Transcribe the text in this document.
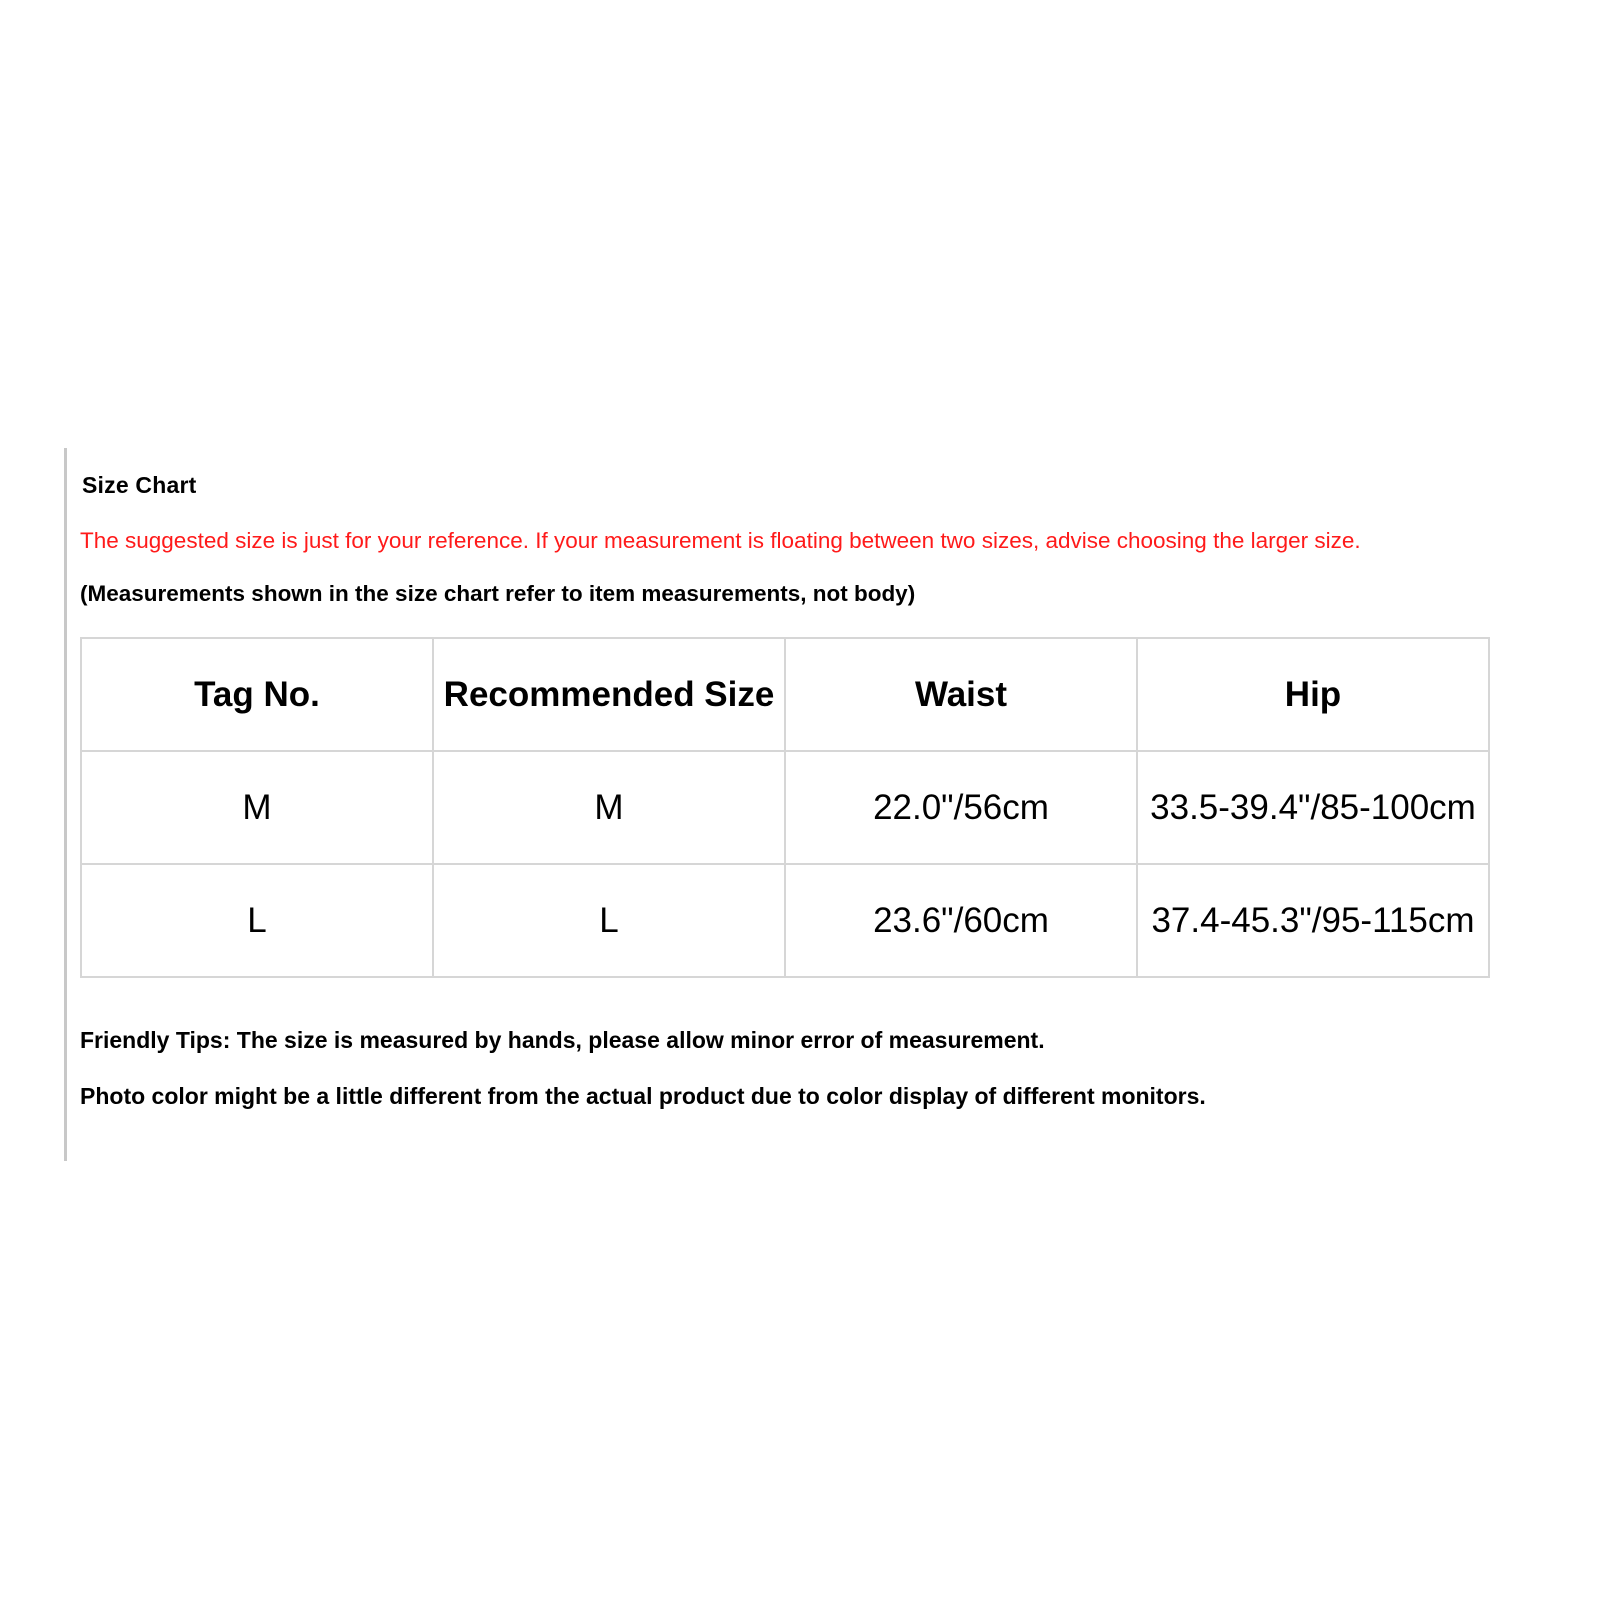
Size Chart
The suggested size is just for your reference. If your measurement is floating between two sizes, advise choosing the larger size.
(Measurements shown in the size chart refer to item measurements, not body)
Tag No.	Recommended Size	Waist	Hip
M	M	22.0"/56cm	33.5-39.4"/85-100cm
L	L	23.6"/60cm	37.4-45.3"/95-115cm
Friendly Tips: The size is measured by hands, please allow minor error of measurement.
Photo color might be a little different from the actual product due to color display of different monitors.
